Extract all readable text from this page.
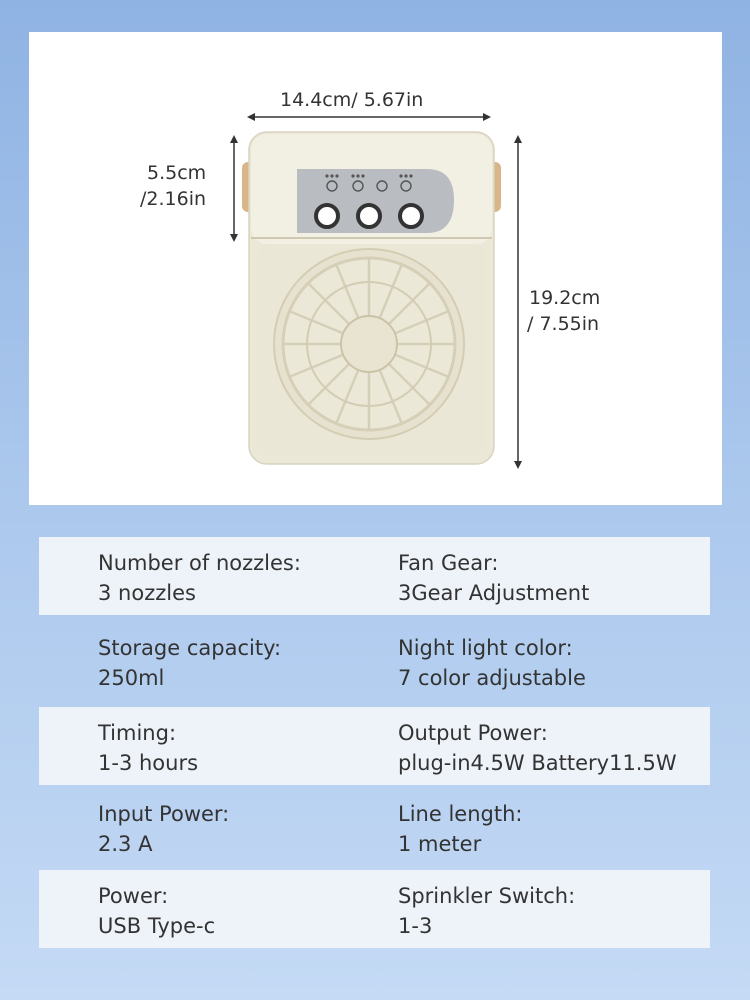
14.4cm/ 5.67in
5.5cm
/2.16in
19.2cm
/ 7.55in
Number of nozzles:
3 nozzles
Fan Gear:
3Gear Adjustment
Storage capacity:
250ml
Night light color:
7 color adjustable
Timing:
1-3 hours
Output Power:
plug-in4.5W Battery11.5W
Input Power:
2.3 A
Line length:
1 meter
Power:
USB Type-c
Sprinkler Switch:
1-3
